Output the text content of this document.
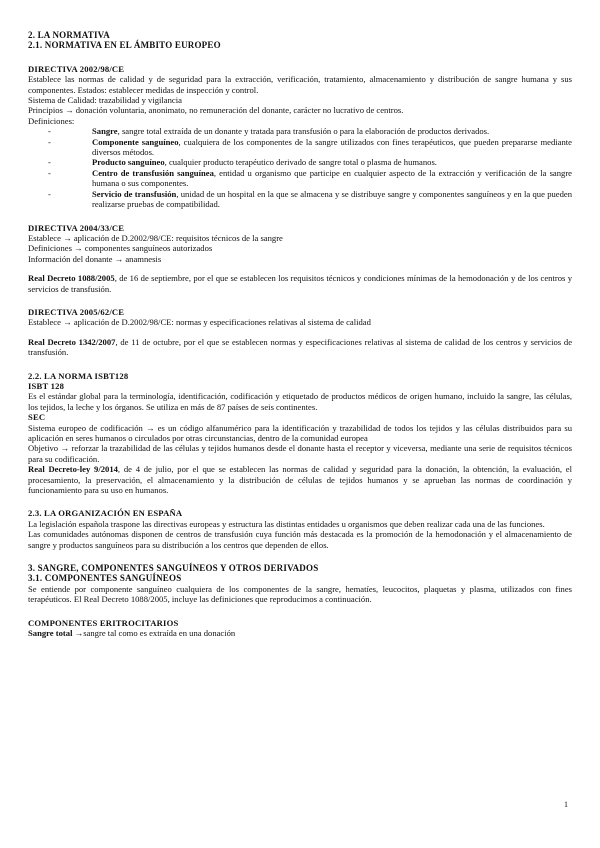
2. LA NORMATIVA

2.1. NORMATIVA EN EL ÁMBITO EUROPEO

DIRECTIVA 2002/98/CE

Establece las normas de calidad y de seguridad para la extracción, verificación, tratamiento, almacenamiento y distribución de sangre humana y sus componentes. Estados: establecer medidas de inspección y control.

Sistema de Calidad: trazabilidad y vigilancia

Principios → donación voluntaria, anonimato, no remuneración del donante, carácter no lucrativo de centros.

Definiciones:

-	Sangre, sangre total extraída de un donante y tratada para transfusión o para la elaboración de productos derivados.
-	Componente sanguíneo, cualquiera de los componentes de la sangre utilizados con fines terapéuticos, que pueden prepararse mediante diversos métodos.
-	Producto sanguíneo, cualquier producto terapéutico derivado de sangre total o plasma de humanos.
-	Centro de transfusión sanguínea, entidad u organismo que participe en cualquier aspecto de la extracción y verificación de la sangre humana o sus componentes.
-	Servicio de transfusión, unidad de un hospital en la que se almacena y se distribuye sangre y componentes sanguíneos y en la que pueden realizarse pruebas de compatibilidad.

DIRECTIVA 2004/33/CE

Establece → aplicación de D.2002/98/CE: requisitos técnicos de la sangre

Definiciones → componentes sanguíneos autorizados

Información del donante → anamnesis

Real Decreto 1088/2005, de 16 de septiembre, por el que se establecen los requisitos técnicos y condiciones mínimas de la hemodonación y de los centros y servicios de transfusión.

DIRECTIVA 2005/62/CE

Establece → aplicación de D.2002/98/CE: normas y especificaciones relativas al sistema de calidad

Real Decreto 1342/2007, de 11 de octubre, por el que se establecen normas y especificaciones relativas al sistema de calidad de los centros y servicios de transfusión.

2.2. LA NORMA ISBT128

ISBT 128

Es el estándar global para la terminología, identificación, codificación y etiquetado de productos médicos de origen humano, incluido la sangre, las células, los tejidos, la leche y los órganos. Se utiliza en más de 87 países de seis continentes.

SEC

Sistema europeo de codificación → es un código alfanumérico para la identificación y trazabilidad de todos los tejidos y las células distribuidos para su aplicación en seres humanos o circulados por otras circunstancias, dentro de la comunidad europea

Objetivo → reforzar la trazabilidad de las células y tejidos humanos desde el donante hasta el receptor y viceversa, mediante una serie de requisitos técnicos para su codificación.

Real Decreto-ley 9/2014, de 4 de julio, por el que se establecen las normas de calidad y seguridad para la donación, la obtención, la evaluación, el procesamiento, la preservación, el almacenamiento y la distribución de células de tejidos humanos y se aprueban las normas de coordinación y funcionamiento para su uso en humanos.

2.3. LA ORGANIZACIÓN EN ESPAÑA

La legislación española traspone las directivas europeas y estructura las distintas entidades u organismos que deben realizar cada una de las funciones.

Las comunidades autónomas disponen de centros de transfusión cuya función más destacada es la promoción de la hemodonación y el almacenamiento de sangre y productos sanguíneos para su distribución a los centros que dependen de ellos.

3. SANGRE, COMPONENTES SANGUÍNEOS Y OTROS DERIVADOS

3.1. COMPONENTES SANGUÍNEOS

Se entiende por componente sanguíneo cualquiera de los componentes de la sangre, hematíes, leucocitos, plaquetas y plasma, utilizados con fines terapéuticos. El Real Decreto 1088/2005, incluye las definiciones que reproducimos a continuación.

COMPONENTES ERITROCITARIOS

Sangre total →sangre tal como es extraída en una donación

1
